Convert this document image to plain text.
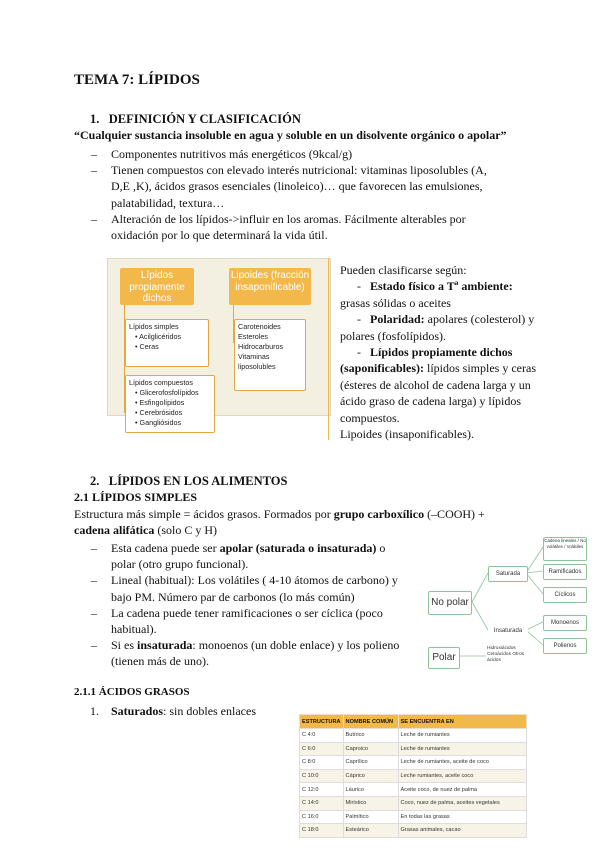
TEMA 7: LÍPIDOS
1.   DEFINICIÓN Y CLASIFICACIÓN
“Cualquier sustancia insoluble en agua y soluble en un disolvente orgánico o apolar”
– Componentes nutritivos más energéticos (9kcal/g)
– Tienen compuestos con elevado interés nutricional: vitaminas liposolubles (A, D,E ,K), ácidos grasos esenciales (linoleico)… que favorecen las emulsiones, palatabilidad, textura…
– Alteración de los lípidos->influir en los aromas. Fácilmente alterables por oxidación por lo que determinará la vida útil.
Lípidos propiamente dichos
Lipoides (fracción insaponificable)
Lípidos simples
• Acilglicéridos
• Ceras
Lípidos compuestos
• Glicerofosfolípidos
• Esfingolípidos
• Cerebrósidos
• Gangliósidos
Carotenoides
Esteroles
Hidrocarburos
Vitaminas liposolubles
Pueden clasificarse según:
-   Estado físico a Tª ambiente: grasas sólidas o aceites
-   Polaridad: apolares (colesterol) y polares (fosfolípidos).
-   Lípidos propiamente dichos (saponificables): lípidos simples y ceras (ésteres de alcohol de cadena larga y un ácido graso de cadena larga) y lípidos compuestos.
Lipoides (insaponificables).
2.   LÍPIDOS EN LOS ALIMENTOS
2.1 LÍPIDOS SIMPLES
Estructura más simple = ácidos grasos. Formados por grupo carboxílico (–COOH) +
cadena alifática (solo C y H)
– Esta cadena puede ser apolar (saturada o insaturada) o polar (otro grupo funcional).
– Lineal (habitual): Los volátiles ( 4-10 átomos de carbono) y bajo PM. Número par de carbonos (lo más común)
– La cadena puede tener ramificaciones o ser cíclica (poco habitual).
– Si es insaturada: monoenos (un doble enlace) y los polieno (tienen más de uno).
No polar
Polar
Saturada
Insaturada
Cadena lineales / No volátiles / Volátiles
Ramificados
Cíclicos
Monoenos
Polienos
Hidroxiácidos Cetoácidos Otros ácidos
2.1.1 ÁCIDOS GRASOS
1. Saturados: sin dobles enlaces
ESTRUCTURA	NOMBRE COMÚN	SE ENCUENTRA EN
C 4:0	Butírico	Leche de rumiantes
C 6:0	Caproico	Leche de rumiantes
C 8:0	Caprílico	Leche de rumiantes, aceite de coco
C 10:0	Cáprico	Leche rumiantes, aceite coco
C 12:0	Láurico	Aceite coco, de nuez de palma
C 14:0	Mirístico	Coco, nuez de palma, aceites vegetales
C 16:0	Palmítico	En todas las grasas
C 18:0	Esteárico	Grasas animales, cacao
